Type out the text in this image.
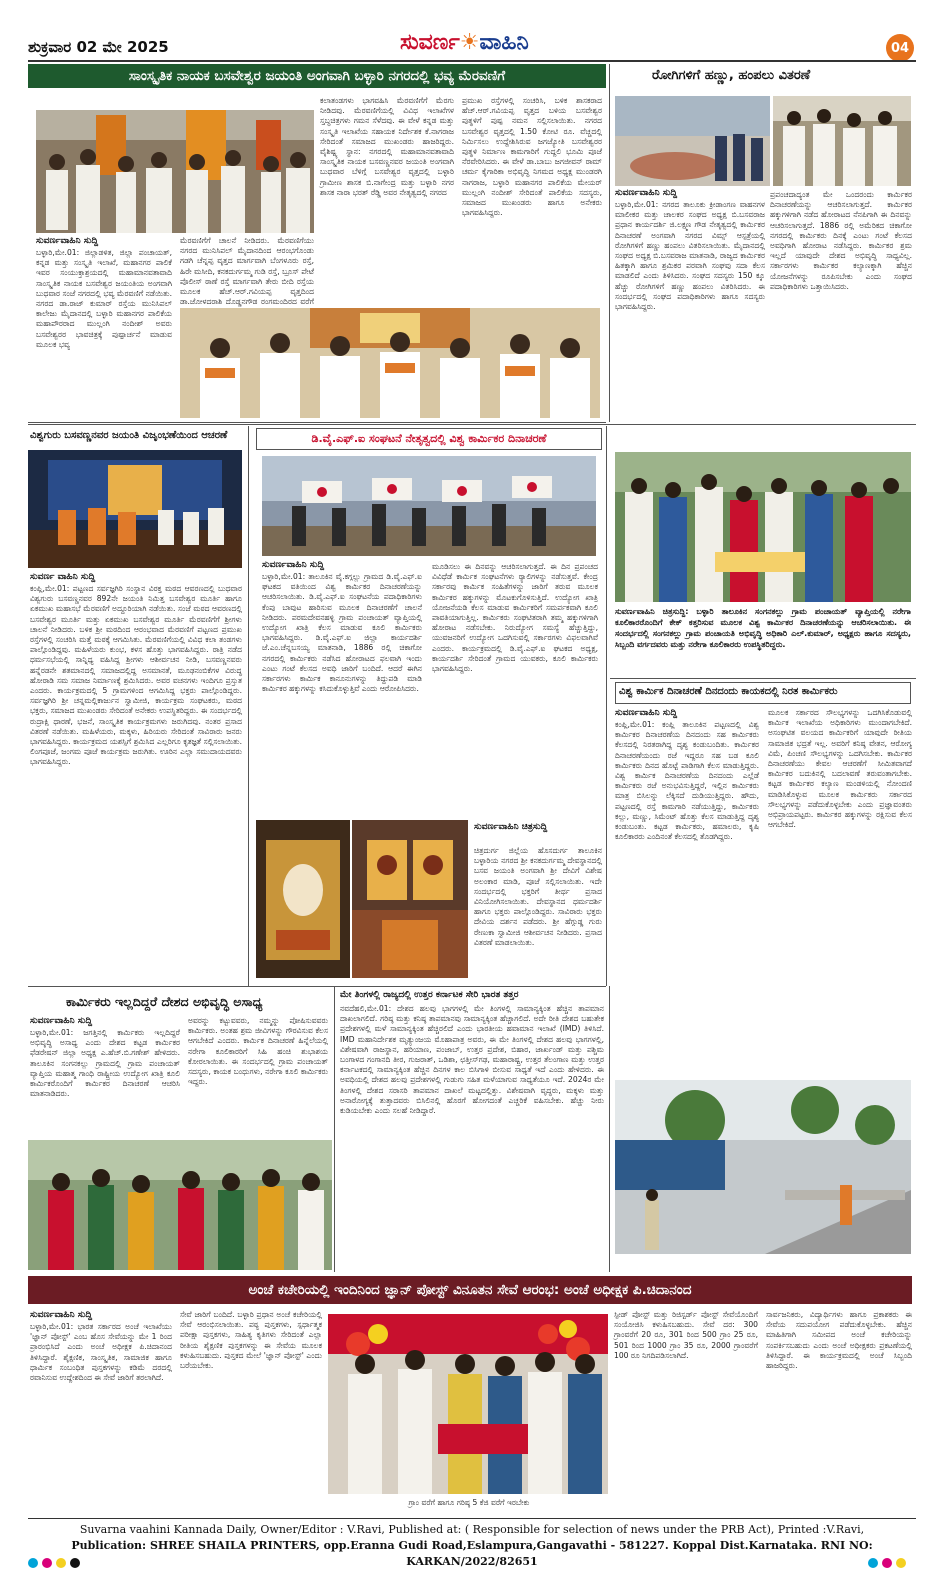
ಶುಕ್ರವಾರ 02 ಮೇ 2025	ಸುವರ್ಣ☀ವಾಹಿನಿ	04
ಸಾಂಸ್ಕೃತಿಕ ನಾಯಕ ಬಸವೇಶ್ವರ ಜಯಂತಿ ಅಂಗವಾಗಿ ಬಳ್ಳಾರಿ ನಗರದಲ್ಲಿ ಭವ್ಯ ಮೆರವಣಿಗೆ
ಸುವರ್ಣವಾಹಿನಿ ಸುದ್ದಿ
ಬಳ್ಳಾರಿ,ಮೇ.01: ಜಿಲ್ಲಾಡಳಿತ, ಜಿಲ್ಲಾ ಪಂಚಾಯತ್, ಕನ್ನಡ ಮತ್ತು ಸಂಸ್ಕೃತಿ ಇಲಾಖೆ, ಮಹಾನಗರ ಪಾಲಿಕೆ ಇವರ ಸಂಯುಕ್ತಾಶ್ರಯದಲ್ಲಿ ಮಹಾಮಾನವತಾವಾದಿ ಸಾಂಸ್ಕೃತಿಕ ನಾಯಕ ಬಸವೇಶ್ವರ ಜಯಂತಿಯ ಅಂಗವಾಗಿ ಬುಧವಾರ ಸಂಜೆ ನಗರದಲ್ಲಿ ಭವ್ಯ ಮೆರವಣಿಗೆ ನಡೆಯಿತು. ನಗರದ ಡಾ.ರಾಜ್ ಕುಮಾರ್ ರಸ್ತೆಯ ಮುನಿಸಿಪಲ್ ಕಾಲೇಜು ಮೈದಾನದಲ್ಲಿ ಬಳ್ಳಾರಿ ಮಹಾನಗರ ಪಾಲಿಕೆಯ ಮಹಾಪೌರರಾದ ಮುಲ್ಲಂಗಿ ನಂದೀಶ್ ಅವರು ಬಸವೇಶ್ವರರ ಭಾವಚಿತ್ರಕ್ಕೆ ಪುಷ್ಪಾರ್ಚನೆ ಮಾಡುವ ಮೂಲಕ ಭವ್ಯ
ಮೆರವಣಿಗೆಗೆ ಚಾಲನೆ ನೀಡಿದರು. ಮೆರವಣಿಗೆಯು ನಗರದ ಮುನಿಸಿಪಲ್ ಮೈದಾನದಿಂದ ಆರಂಭಗೊಂಡು ಗಡಗಿ ಚೆನ್ನಪ್ಪ ವೃತ್ತದ ಮಾರ್ಗವಾಗಿ ಬೆಂಗಳೂರು ರಸ್ತೆ, ಹಿರೇ ಮಸೀದಿ, ಕನಕದುರ್ಗಮ್ಮ ಗುಡಿ ರಸ್ತೆ, ಬ್ರೂಸ್ ಪೇಟೆ ಪೊಲೀಸ್ ಠಾಣೆ ರಸ್ತೆ ಮಾರ್ಗವಾಗಿ ತೇರು ಬೀದಿ ರಸ್ತೆಯ ಮೂಲಕ ಹೆಚ್.ಆರ್.ಗವಿಯಪ್ಪ ವೃತ್ತದಿಂದ ಡಾ.ಜೋಳದರಾಶಿ ದೊಡ್ಡನಗೌಡ ರಂಗಮಂದಿರದ ವರೆಗೆ
ಕಲಾತಂಡಗಳು ಭಾಗವಹಿಸಿ ಮೆರವಣಿಗೆಗೆ ಮೆರಗು ನೀಡಿದವು. ಮೆರವಣಿಗೆಯಲ್ಲಿ ವಿವಿಧ ಇಲಾಖೆಗಳ ಸ್ತಬ್ಧಚಿತ್ರಗಳು ಗಮನ ಸೆಳೆದವು. ಈ ವೇಳೆ ಕನ್ನಡ ಮತ್ತು ಸಂಸ್ಕೃತಿ ಇಲಾಖೆಯ ಸಹಾಯಕ ನಿರ್ದೇಶಕ ಕೆ.ನಾಗರಾಜ ಸೇರಿದಂತೆ ಸಮಾಜದ ಮುಖಂಡರು ಹಾಜರಿದ್ದರು. ವೈಶಿಷ್ಟ್ಯ ಸ್ಥಾನ: ನಗರದಲ್ಲಿ ಮಹಾಮಾನವತಾವಾದಿ ಸಾಂಸ್ಕೃತಿಕ ನಾಯಕ ಬಸವಣ್ಣನವರ ಜಯಂತಿ ಅಂಗವಾಗಿ ಬುಧವಾರ ಬೆಳಿಗ್ಗೆ ಬಸವೇಶ್ವರ ವೃತ್ತದಲ್ಲಿ ಬಳ್ಳಾರಿ ಗ್ರಾಮೀಣ ಶಾಸಕ ಬಿ.ನಾಗೇಂದ್ರ ಮತ್ತು ಬಳ್ಳಾರಿ ನಗರ ಶಾಸಕ ನಾರಾ ಭರತ್ ರೆಡ್ಡಿ ಅವರ ನೇತೃತ್ವದಲ್ಲಿ ನಗರದ
ಪ್ರಮುಖ ರಸ್ತೆಗಳಲ್ಲಿ ಸಂಚರಿಸಿ, ಬಳಿಕ ಶಾಸಕರಾದ ಹೆಚ್.ಆರ್.ಗವಿಯಪ್ಪ ವೃತ್ತದ ಬಳಿಯ ಬಸವೇಶ್ವರ ಪುತ್ಥಳಿಗೆ ಪುಷ್ಪ ನಮನ ಸಲ್ಲಿಸಲಾಯಿತು. ನಗರದ ಬಸವೇಶ್ವರ ವೃತ್ತದಲ್ಲಿ 1.50 ಕೋಟಿ ರೂ. ವೆಚ್ಚದಲ್ಲಿ ನಿರ್ಮಿಸಲು ಉದ್ದೇಶಿಸಿರುವ ಜಗಜ್ಯೋತಿ ಬಸವೇಶ್ವರರ ಪುತ್ಥಳಿ ನಿರ್ಮಾಣ ಕಾಮಗಾರಿಗೆ ಗುದ್ದಲಿ ಭೂಮಿ ಪೂಜೆ ನೆರವೇರಿಸಿದರು. ಈ ವೇಳೆ ಡಾ.ಬಾಬು ಜಗಜೀವನ್ ರಾಮ್ ಚರ್ಮ ಕೈಗಾರಿಕಾ ಅಭಿವೃದ್ಧಿ ನಿಗಮದ ಅಧ್ಯಕ್ಷ ಮುಂಡರಗಿ ನಾಗರಾಜ, ಬಳ್ಳಾರಿ ಮಹಾನಗರ ಪಾಲಿಕೆಯ ಮೇಯರ್ ಮುಲ್ಲಂಗಿ ನಂದೀಶ್ ಸೇರಿದಂತೆ ಪಾಲಿಕೆಯ ಸದಸ್ಯರು, ಸಮಾಜದ ಮುಖಂಡರು ಹಾಗೂ ಅನೇಕರು ಭಾಗವಹಿಸಿದ್ದರು.
ರೋಗಿಗಳಿಗೆ ಹಣ್ಣು, ಹಂಪಲು ವಿತರಣೆ
ಸುವರ್ಣವಾಹಿನಿ ಸುದ್ದಿ
ಬಳ್ಳಾರಿ,ಮೇ.01: ನಗರದ ತಾಲೂಕು ಕ್ರೀಡಾಂಗಣ ವಾಹನಗಳ ಮಾಲೀಕರ ಮತ್ತು ಚಾಲಕರ ಸಂಘದ ಅಧ್ಯಕ್ಷ ಬಿ.ಬಸವರಾಜ ಪ್ರಧಾನ ಕಾರ್ಯದರ್ಶಿ ಜಿ.ಲಕ್ಷ್ಮಣ ಗೌಡ ನೇತೃತ್ವದಲ್ಲಿ ಕಾರ್ಮಿಕರ ದಿನಾಚರಣೆ ಅಂಗವಾಗಿ ನಗರದ ವಿಮ್ಸ್ ಆಸ್ಪತ್ರೆಯಲ್ಲಿ ರೋಗಿಗಳಿಗೆ ಹಣ್ಣು ಹಂಪಲು ವಿತರಿಸಲಾಯಿತು. ಮೈದಾನದಲ್ಲಿ ಸಂಘದ ಅಧ್ಯಕ್ಷ ಬಿ.ಬಸವರಾಜ ಮಾತನಾಡಿ, ರಾಜ್ಯದ ಕಾರ್ಮಿಕರ ಹಿತಕ್ಕಾಗಿ ಹಾಗೂ ಶ್ರಮಿಕರ ಪರವಾಗಿ ಸಂಘವು ಸದಾ ಕೆಲಸ ಮಾಡಲಿದೆ ಎಂದು ತಿಳಿಸಿದರು. ಸಂಘದ ಸದಸ್ಯರು 150 ಕ್ಕೂ ಹೆಚ್ಚು ರೋಗಿಗಳಿಗೆ ಹಣ್ಣು ಹಂಪಲು ವಿತರಿಸಿದರು. ಈ ಸಂದರ್ಭದಲ್ಲಿ ಸಂಘದ ಪದಾಧಿಕಾರಿಗಳು ಹಾಗೂ ಸದಸ್ಯರು ಭಾಗವಹಿಸಿದ್ದರು.
ಪ್ರಪಂಚದಾದ್ಯಂತ ಮೇ ಒಂದರಂದು ಕಾರ್ಮಿಕರ ದಿನಾಚರಣೆಯನ್ನು ಆಚರಿಸಲಾಗುತ್ತದೆ. ಕಾರ್ಮಿಕರ ಹಕ್ಕುಗಳಿಗಾಗಿ ನಡೆದ ಹೋರಾಟದ ನೆನಪಿಗಾಗಿ ಈ ದಿನವನ್ನು ಆಚರಿಸಲಾಗುತ್ತದೆ. 1886 ರಲ್ಲಿ ಅಮೆರಿಕದ ಚಿಕಾಗೋ ನಗರದಲ್ಲಿ ಕಾರ್ಮಿಕರು ದಿನಕ್ಕೆ ಎಂಟು ಗಂಟೆ ಕೆಲಸದ ಅವಧಿಗಾಗಿ ಹೋರಾಟ ನಡೆಸಿದ್ದರು. ಕಾರ್ಮಿಕರ ಶ್ರಮ ಇಲ್ಲದೆ ಯಾವುದೇ ದೇಶದ ಅಭಿವೃದ್ಧಿ ಸಾಧ್ಯವಿಲ್ಲ. ಸರ್ಕಾರಗಳು ಕಾರ್ಮಿಕರ ಕಲ್ಯಾಣಕ್ಕಾಗಿ ಹೆಚ್ಚಿನ ಯೋಜನೆಗಳನ್ನು ರೂಪಿಸಬೇಕು ಎಂದು ಸಂಘದ ಪದಾಧಿಕಾರಿಗಳು ಒತ್ತಾಯಿಸಿದರು.
ವಿಶ್ವಗುರು ಬಸವಣ್ಣನವರ ಜಯಂತಿ ವಿಜೃಂಭಣೆಯಿಂದ ಆಚರಣೆ
ಸುವರ್ಣ ವಾಹಿನಿ ಸುದ್ದಿ
ಕಂಪ್ಲಿ,ಮೇ.01: ಪಟ್ಟಣದ ಸರ್ವಜ್ಞಗಿರಿ ಸಂಸ್ಥಾನ ವಿರಕ್ತ ಮಠದ ಆವರಣದಲ್ಲಿ ಬುಧವಾರ ವಿಶ್ವಗುರು ಬಸವಣ್ಣನವರ 892ನೇ ಜಯಂತಿ ನಿಮಿತ್ತ ಬಸವೇಶ್ವರ ಮೂರ್ತಿ ಹಾಗೂ ಏಕಮುಖ ಮಹಾಸಭೆ ಮೆರವಣಿಗೆ ಅದ್ದೂರಿಯಾಗಿ ನಡೆಯಿತು. ಸಂಜೆ ಮಠದ ಆವರಣದಲ್ಲಿ ಬಸವೇಶ್ವರ ಮೂರ್ತಿ ಮತ್ತು ಏಕಮುಖ ಬಸವೇಶ್ವರ ಮೂರ್ತಿ ಮೆರವಣಿಗೆಗೆ ಶ್ರೀಗಳು ಚಾಲನೆ ನೀಡಿದರು. ಬಳಿಕ ಶ್ರೀ ಮಠದಿಂದ ಆರಂಭವಾದ ಮೆರವಣಿಗೆ ಪಟ್ಟಣದ ಪ್ರಮುಖ ರಸ್ತೆಗಳಲ್ಲಿ ಸಂಚರಿಸಿ ಮತ್ತೆ ಮಠಕ್ಕೆ ಆಗಮಿಸಿತು. ಮೆರವಣಿಗೆಯಲ್ಲಿ ವಿವಿಧ ಕಲಾ ತಂಡಗಳು ಪಾಲ್ಗೊಂಡಿದ್ದವು. ಮಹಿಳೆಯರು ಕುಂಭ, ಕಳಸ ಹೊತ್ತು ಭಾಗವಹಿಸಿದ್ದರು. ರಾತ್ರಿ ನಡೆದ ಧರ್ಮಸಭೆಯಲ್ಲಿ ಸಾನ್ನಿಧ್ಯ ವಹಿಸಿದ್ದ ಶ್ರೀಗಳು ಆಶೀರ್ವಚನ ನೀಡಿ, ಬಸವಣ್ಣನವರು ಹನ್ನೆರಡನೇ ಶತಮಾನದಲ್ಲಿ ಸಮಾಜದಲ್ಲಿದ್ದ ಅಸಮಾನತೆ, ಮೂಢನಂಬಿಕೆಗಳ ವಿರುದ್ಧ ಹೋರಾಡಿ ಸಮ ಸಮಾಜ ನಿರ್ಮಾಣಕ್ಕೆ ಶ್ರಮಿಸಿದರು. ಅವರ ವಚನಗಳು ಇಂದಿಗೂ ಪ್ರಸ್ತುತ ಎಂದರು. ಕಾರ್ಯಕ್ರಮದಲ್ಲಿ 5 ಗ್ರಾಮಗಳಿಂದ ಆಗಮಿಸಿದ್ದ ಭಕ್ತರು ಪಾಲ್ಗೊಂಡಿದ್ದರು. ಸರ್ವಜ್ಞಗಿರಿ ಶ್ರೀ ಚನ್ನಮಲ್ಲಿಕಾರ್ಜುನ ಸ್ವಾಮೀಜಿ, ಕಾರ್ಯಕ್ರಮ ಸಂಘಟಕರು, ಮಠದ ಭಕ್ತರು, ಸಮಾಜದ ಮುಖಂಡರು ಸೇರಿದಂತೆ ಅನೇಕರು ಉಪಸ್ಥಿತರಿದ್ದರು. ಈ ಸಂದರ್ಭದಲ್ಲಿ ರುದ್ರಾಕ್ಷಿ ಧಾರಣೆ, ಭಜನೆ, ಸಾಂಸ್ಕೃತಿಕ ಕಾರ್ಯಕ್ರಮಗಳು ಜರುಗಿದವು. ನಂತರ ಪ್ರಸಾದ ವಿತರಣೆ ನಡೆಯಿತು. ಮಹಿಳೆಯರು, ಮಕ್ಕಳು, ಹಿರಿಯರು ಸೇರಿದಂತೆ ಸಾವಿರಾರು ಜನರು ಭಾಗವಹಿಸಿದ್ದರು. ಕಾರ್ಯಕ್ರಮದ ಯಶಸ್ಸಿಗೆ ಶ್ರಮಿಸಿದ ಎಲ್ಲರಿಗೂ ಕೃತಜ್ಞತೆ ಸಲ್ಲಿಸಲಾಯಿತು. ಲಿಂಗಪೂಜೆ, ಜಂಗಮ ಪೂಜೆ ಕಾರ್ಯಕ್ರಮ ಜರುಗಿತು. ಊರಿನ ಎಲ್ಲಾ ಸಮುದಾಯದವರು ಭಾಗವಹಿಸಿದ್ದರು.
ಡಿ.ವೈ.ಎಫ್.ಐ ಸಂಘಟನೆ ನೇತೃತ್ವದಲ್ಲಿ ವಿಶ್ವ ಕಾರ್ಮಿಕರ ದಿನಾಚರಣೆ
ಸುವರ್ಣವಾಹಿನಿ ಸುದ್ದಿ
ಬಳ್ಳಾರಿ,ಮೇ.01: ತಾಲೂಕಿನ ವೈ.ಕಗ್ಗಲ್ಲು ಗ್ರಾಮದ ಡಿ.ವೈ.ಎಫ್.ಐ ಘಟಕದ ವತಿಯಿಂದ ವಿಶ್ವ ಕಾರ್ಮಿಕರ ದಿನಾಚರಣೆಯನ್ನು ಆಚರಿಸಲಾಯಿತು. ಡಿ.ವೈ.ಎಫ್.ಐ ಸಂಘಟನೆಯ ಪದಾಧಿಕಾರಿಗಳು ಕೆಂಪು ಬಾವುಟ ಹಾರಿಸುವ ಮೂಲಕ ದಿನಾಚರಣೆಗೆ ಚಾಲನೆ ನೀಡಿದರು. ಪರಮದೇವನಹಳ್ಳಿ ಗ್ರಾಮ ಪಂಚಾಯತ್ ವ್ಯಾಪ್ತಿಯಲ್ಲಿ ಉದ್ಯೋಗ ಖಾತ್ರಿ ಕೆಲಸ ಮಾಡುವ ಕೂಲಿ ಕಾರ್ಮಿಕರು ಭಾಗವಹಿಸಿದ್ದರು. ಡಿ.ವೈ.ಎಫ್.ಐ ಜಿಲ್ಲಾ ಕಾರ್ಯದರ್ಶಿ ಜೆ.ಎಂ.ಚೆನ್ನಬಸಯ್ಯ ಮಾತನಾಡಿ, 1886 ರಲ್ಲಿ ಚಿಕಾಗೋ ನಗರದಲ್ಲಿ ಕಾರ್ಮಿಕರು ನಡೆಸಿದ ಹೋರಾಟದ ಫಲವಾಗಿ ಇಂದು ಎಂಟು ಗಂಟೆ ಕೆಲಸದ ಅವಧಿ ಜಾರಿಗೆ ಬಂದಿದೆ. ಆದರೆ ಈಗಿನ ಸರ್ಕಾರಗಳು ಕಾರ್ಮಿಕ ಕಾನೂನುಗಳನ್ನು ತಿದ್ದುಪಡಿ ಮಾಡಿ ಕಾರ್ಮಿಕರ ಹಕ್ಕುಗಳನ್ನು ಕಸಿದುಕೊಳ್ಳುತ್ತಿವೆ ಎಂದು ಆರೋಪಿಸಿದರು.
ಮೂಡಿಸಲು ಈ ದಿನವನ್ನು ಆಚರಿಸಲಾಗುತ್ತದೆ. ಈ ದಿನ ಪ್ರಪಂಚದ ವಿವಿಧೆಡೆ ಕಾರ್ಮಿಕ ಸಂಘಟನೆಗಳು ರ್‍ಯಾಲಿಗಳನ್ನು ನಡೆಸುತ್ತವೆ. ಕೇಂದ್ರ ಸರ್ಕಾರವು ಕಾರ್ಮಿಕ ಸಂಹಿತೆಗಳನ್ನು ಜಾರಿಗೆ ತರುವ ಮೂಲಕ ಕಾರ್ಮಿಕರ ಹಕ್ಕುಗಳನ್ನು ಮೊಟಕುಗೊಳಿಸುತ್ತಿದೆ. ಉದ್ಯೋಗ ಖಾತ್ರಿ ಯೋಜನೆಯಡಿ ಕೆಲಸ ಮಾಡುವ ಕಾರ್ಮಿಕರಿಗೆ ಸಮರ್ಪಕವಾಗಿ ಕೂಲಿ ಪಾವತಿಯಾಗುತ್ತಿಲ್ಲ. ಕಾರ್ಮಿಕರು ಸಂಘಟಿತರಾಗಿ ತಮ್ಮ ಹಕ್ಕುಗಳಿಗಾಗಿ ಹೋರಾಟ ನಡೆಸಬೇಕು. ನಿರುದ್ಯೋಗ ಸಮಸ್ಯೆ ಹೆಚ್ಚುತ್ತಿದ್ದು, ಯುವಜನರಿಗೆ ಉದ್ಯೋಗ ಒದಗಿಸುವಲ್ಲಿ ಸರ್ಕಾರಗಳು ವಿಫಲವಾಗಿವೆ ಎಂದರು. ಕಾರ್ಯಕ್ರಮದಲ್ಲಿ ಡಿ.ವೈ.ಎಫ್.ಐ ಘಟಕದ ಅಧ್ಯಕ್ಷ, ಕಾರ್ಯದರ್ಶಿ ಸೇರಿದಂತೆ ಗ್ರಾಮದ ಯುವಕರು, ಕೂಲಿ ಕಾರ್ಮಿಕರು ಭಾಗವಹಿಸಿದ್ದರು.
ಸುವರ್ಣವಾಹಿನಿ ಚಿತ್ರಸುದ್ದಿ
ಚಿತ್ರದುರ್ಗ ಜಿಲ್ಲೆಯ ಹೊಸದುರ್ಗ ತಾಲೂಕಿನ ಬಳ್ಳಾರಿಯ ನಗರದ ಶ್ರೀ ಕನಕದುರ್ಗಮ್ಮ ದೇವಸ್ಥಾನದಲ್ಲಿ ಬಸವ ಜಯಂತಿ ಅಂಗವಾಗಿ ಶ್ರೀ ದೇವಿಗೆ ವಿಶೇಷ ಅಲಂಕಾರ ಮಾಡಿ, ಪೂಜೆ ಸಲ್ಲಿಸಲಾಯಿತು. ಇದೇ ಸಂದರ್ಭದಲ್ಲಿ ಭಕ್ತರಿಗೆ ತೀರ್ಥ ಪ್ರಸಾದ ವಿನಿಯೋಗಿಸಲಾಯಿತು. ದೇವಸ್ಥಾನದ ಧರ್ಮದರ್ಶಿ ಹಾಗೂ ಭಕ್ತರು ಪಾಲ್ಗೊಂಡಿದ್ದರು. ಸಾವಿರಾರು ಭಕ್ತರು ದೇವಿಯ ದರ್ಶನ ಪಡೆದರು. ಶ್ರೀ ಹೆಗ್ಗುಡ್ಡ ಗುರು ರೇಣುಕಾ ಸ್ವಾಮೀಜಿ ಆಶೀರ್ವಚನ ನೀಡಿದರು. ಪ್ರಸಾದ ವಿತರಣೆ ಮಾಡಲಾಯಿತು.
ಸುವರ್ಣವಾಹಿನಿ ಚಿತ್ರಸುದ್ದಿ: ಬಳ್ಳಾರಿ ತಾಲೂಕಿನ ಸಂಗನಕಲ್ಲು ಗ್ರಾಮ ಪಂಚಾಯತ್ ವ್ಯಾಪ್ತಿಯಲ್ಲಿ ನರೇಗಾ ಕೂಲಿಕಾರರೊಂದಿಗೆ ಕೇಕ್ ಕತ್ತರಿಸುವ ಮೂಲಕ ವಿಶ್ವ ಕಾರ್ಮಿಕರ ದಿನಾಚರಣೆಯನ್ನು ಆಚರಿಸಲಾಯಿತು. ಈ ಸಂದರ್ಭದಲ್ಲಿ ಸಂಗನಕಲ್ಲು ಗ್ರಾಮ ಪಂಚಾಯತಿ ಅಭಿವೃದ್ಧಿ ಅಧಿಕಾರಿ ಎಲ್.ಕುಮಾರ್, ಅಧ್ಯಕ್ಷರು ಹಾಗೂ ಸದಸ್ಯರು, ಸಿಬ್ಬಂದಿ ವರ್ಗದವರು ಮತ್ತು ನರೇಗಾ ಕೂಲಿಕಾರರು ಉಪಸ್ಥಿತರಿದ್ದರು.
ವಿಶ್ವ ಕಾರ್ಮಿಕ ದಿನಾಚರಣೆ ದಿನದಂದು ಕಾಯಕದಲ್ಲಿ ನಿರತ ಕಾರ್ಮಿಕರು
ಸುವರ್ಣವಾಹಿನಿ ಸುದ್ದಿ
ಕಂಪ್ಲಿ,ಮೇ.01: ಕಂಪ್ಲಿ ತಾಲೂಕಿನ ಪಟ್ಟಣದಲ್ಲಿ ವಿಶ್ವ ಕಾರ್ಮಿಕರ ದಿನಾಚರಣೆಯ ದಿನದಂದು ಸಹ ಕಾರ್ಮಿಕರು ಕೆಲಸದಲ್ಲಿ ನಿರತರಾಗಿದ್ದ ದೃಶ್ಯ ಕಂಡುಬಂದಿತು. ಕಾರ್ಮಿಕರ ದಿನಾಚರಣೆಯಂದು ರಜೆ ಇದ್ದರೂ ಸಹ ಬಡ ಕೂಲಿ ಕಾರ್ಮಿಕರು ದಿನದ ಹೊಟ್ಟೆ ಪಾಡಿಗಾಗಿ ಕೆಲಸ ಮಾಡುತ್ತಿದ್ದರು. ವಿಶ್ವ ಕಾರ್ಮಿಕ ದಿನಾಚರಣೆಯ ದಿನದಂದು ಎಲ್ಲೆಡೆ ಕಾರ್ಮಿಕರು ರಜೆ ಅನುಭವಿಸುತ್ತಿದ್ದರೆ, ಇಲ್ಲಿನ ಕಾರ್ಮಿಕರು ಮಾತ್ರ ಬಿಸಿಲನ್ನು ಲೆಕ್ಕಿಸದೆ ದುಡಿಯುತ್ತಿದ್ದರು. ಹೌದು, ಪಟ್ಟಣದಲ್ಲಿ ರಸ್ತೆ ಕಾಮಗಾರಿ ನಡೆಯುತ್ತಿದ್ದು, ಕಾರ್ಮಿಕರು ಕಲ್ಲು, ಮಣ್ಣು, ಸಿಮೆಂಟ್ ಹೊತ್ತು ಕೆಲಸ ಮಾಡುತ್ತಿದ್ದ ದೃಶ್ಯ ಕಂಡುಬಂತು. ಕಟ್ಟಡ ಕಾರ್ಮಿಕರು, ಹಮಾಲರು, ಕೃಷಿ ಕೂಲಿಕಾರರು ಎಂದಿನಂತೆ ಕೆಲಸದಲ್ಲಿ ತೊಡಗಿದ್ದರು.
ಮೂಲಕ ಸರ್ಕಾರದ ಸೌಲಭ್ಯಗಳನ್ನು ಒದಗಿಸಿಕೊಡುವಲ್ಲಿ ಕಾರ್ಮಿಕ ಇಲಾಖೆಯ ಅಧಿಕಾರಿಗಳು ಮುಂದಾಗಬೇಕಿದೆ. ಅಸಂಘಟಿತ ವಲಯದ ಕಾರ್ಮಿಕರಿಗೆ ಯಾವುದೇ ರೀತಿಯ ಸಾಮಾಜಿಕ ಭದ್ರತೆ ಇಲ್ಲ. ಅವರಿಗೆ ಕನಿಷ್ಠ ವೇತನ, ಆರೋಗ್ಯ ವಿಮೆ, ಪಿಂಚಣಿ ಸೌಲಭ್ಯಗಳನ್ನು ಒದಗಿಸಬೇಕು. ಕಾರ್ಮಿಕರ ದಿನಾಚರಣೆಯು ಕೇವಲ ಆಚರಣೆಗೆ ಸೀಮಿತವಾಗದೆ ಕಾರ್ಮಿಕರ ಬದುಕಿನಲ್ಲಿ ಬದಲಾವಣೆ ತರುವಂತಾಗಬೇಕು. ಕಟ್ಟಡ ಕಾರ್ಮಿಕರ ಕಲ್ಯಾಣ ಮಂಡಳಿಯಲ್ಲಿ ನೋಂದಣಿ ಮಾಡಿಸಿಕೊಳ್ಳುವ ಮೂಲಕ ಕಾರ್ಮಿಕರು ಸರ್ಕಾರದ ಸೌಲಭ್ಯಗಳನ್ನು ಪಡೆದುಕೊಳ್ಳಬೇಕು ಎಂದು ಪ್ರಜ್ಞಾವಂತರು ಅಭಿಪ್ರಾಯಪಟ್ಟರು. ಕಾರ್ಮಿಕರ ಹಕ್ಕುಗಳನ್ನು ರಕ್ಷಿಸುವ ಕೆಲಸ ಆಗಬೇಕಿದೆ.
ಕಾರ್ಮಿಕರು ಇಲ್ಲದಿದ್ದರೆ ದೇಶದ ಅಭಿವೃದ್ಧಿ ಅಸಾಧ್ಯ
ಸುವರ್ಣವಾಹಿನಿ ಸುದ್ದಿ
ಬಳ್ಳಾರಿ,ಮೇ.01: ಜಗತ್ತಿನಲ್ಲಿ ಕಾರ್ಮಿಕರು ಇಲ್ಲದಿದ್ದರೆ ಅಭಿವೃದ್ಧಿ ಅಸಾಧ್ಯ ಎಂದು ದೇಶದ ಕಟ್ಟಡ ಕಾರ್ಮಿಕರ ಫೆಡರೇಷನ್ ಜಿಲ್ಲಾ ಅಧ್ಯಕ್ಷ ಎ.ಹೆಚ್.ಬಿ.ಗಣೇಶ್ ಹೇಳಿದರು. ತಾಲೂಕಿನ ಸಂಗನಕಲ್ಲು ಗ್ರಾಮದಲ್ಲಿ ಗ್ರಾಮ ಪಂಚಾಯತ್ ವ್ಯಾಪ್ತಿಯ ಮಹಾತ್ಮ ಗಾಂಧಿ ರಾಷ್ಟ್ರೀಯ ಉದ್ಯೋಗ ಖಾತ್ರಿ ಕೂಲಿ ಕಾರ್ಮಿಕರೊಂದಿಗೆ ಕಾರ್ಮಿಕರ ದಿನಾಚರಣೆ ಆಚರಿಸಿ ಮಾತನಾಡಿದರು.
ಅವರನ್ನು ಕಟ್ಟುವವರು, ನಮ್ಮನ್ನು ಪೋಷಿಸುವವರು ಕಾರ್ಮಿಕರು. ಅಂತಹ ಶ್ರಮ ಜೀವಿಗಳನ್ನು ಗೌರವಿಸುವ ಕೆಲಸ ಆಗಬೇಕಿದೆ ಎಂದರು. ಕಾರ್ಮಿಕ ದಿನಾಚರಣೆ ಹಿನ್ನೆಲೆಯಲ್ಲಿ ನರೇಗಾ ಕೂಲಿಕಾರರಿಗೆ ಸಿಹಿ ಹಂಚಿ ಶುಭಾಶಯ ಕೋರಲಾಯಿತು. ಈ ಸಂದರ್ಭದಲ್ಲಿ ಗ್ರಾಮ ಪಂಚಾಯತ್ ಸದಸ್ಯರು, ಕಾಯಕ ಬಂಧುಗಳು, ನರೇಗಾ ಕೂಲಿ ಕಾರ್ಮಿಕರು ಇದ್ದರು.
ಮೇ ತಿಂಗಳಲ್ಲಿ ರಾಜ್ಯದಲ್ಲಿ ಉತ್ತರ ಕರ್ನಾಟಕ ಸೇರಿ ಭಾರತ ತತ್ತರ
ನವದೆಹಲಿ,ಮೇ.01: ದೇಶದ ಹಲವು ಭಾಗಗಳಲ್ಲಿ ಮೇ ತಿಂಗಳಲ್ಲಿ ಸಾಮಾನ್ಯಕ್ಕಿಂತ ಹೆಚ್ಚಿನ ತಾಪಮಾನ ದಾಖಲಾಗಲಿದೆ. ಗರಿಷ್ಠ ಮತ್ತು ಕನಿಷ್ಠ ತಾಪಮಾನವು ಸಾಮಾನ್ಯಕ್ಕಿಂತ ಹೆಚ್ಚಾಗಲಿದೆ. ಅದೇ ರೀತಿ ದೇಶದ ಬಹುತೇಕ ಪ್ರದೇಶಗಳಲ್ಲಿ ಮಳೆ ಸಾಮಾನ್ಯಕ್ಕಿಂತ ಹೆಚ್ಚಿರಲಿದೆ ಎಂದು ಭಾರತೀಯ ಹವಾಮಾನ ಇಲಾಖೆ (IMD) ತಿಳಿಸಿದೆ. IMD ಮಹಾನಿರ್ದೇಶಕ ಮೃತ್ಯುಂಜಯ ಮೊಹಾಪಾತ್ರ ಅವರು, ಈ ಮೇ ತಿಂಗಳಲ್ಲಿ ದೇಶದ ಹಲವು ಭಾಗಗಳಲ್ಲಿ, ವಿಶೇಷವಾಗಿ ರಾಜಸ್ಥಾನ, ಹರಿಯಾಣ, ಪಂಜಾಬ್, ಉತ್ತರ ಪ್ರದೇಶ, ಬಿಹಾರ, ಜಾರ್ಖಂಡ್ ಮತ್ತು ಪಶ್ಚಿಮ ಬಂಗಾಳದ ಗಂಗಾನದಿ ತೀರ, ಗುಜರಾತ್, ಒಡಿಶಾ, ಛತ್ತೀಸ್‌ಗಢ, ಮಹಾರಾಷ್ಟ್ರ, ಉತ್ತರ ತೆಲಂಗಾಣ ಮತ್ತು ಉತ್ತರ ಕರ್ನಾಟಕದಲ್ಲಿ ಸಾಮಾನ್ಯಕ್ಕಿಂತ ಹೆಚ್ಚಿನ ದಿನಗಳ ಕಾಲ ಬಿಸಿಗಾಳಿ ಬೀಸುವ ಸಾಧ್ಯತೆ ಇದೆ ಎಂದು ಹೇಳಿದರು. ಈ ಅವಧಿಯಲ್ಲಿ ದೇಶದ ಹಲವು ಪ್ರದೇಶಗಳಲ್ಲಿ ಗುಡುಗು ಸಹಿತ ಮಳೆಯಾಗುವ ಸಾಧ್ಯತೆಯೂ ಇದೆ. 2024ರ ಮೇ ತಿಂಗಳಲ್ಲಿ ದೇಶದ ಸರಾಸರಿ ತಾಪಮಾನ ದಾಖಲೆ ಮಟ್ಟದಲ್ಲಿತ್ತು. ವಿಶೇಷವಾಗಿ ವೃದ್ಧರು, ಮಕ್ಕಳು ಮತ್ತು ಅನಾರೋಗ್ಯಕ್ಕೆ ತುತ್ತಾದವರು ಬಿಸಿಲಿನಲ್ಲಿ ಹೊರಗೆ ಹೋಗದಂತೆ ಎಚ್ಚರಿಕೆ ವಹಿಸಬೇಕು. ಹೆಚ್ಚು ನೀರು ಕುಡಿಯಬೇಕು ಎಂದು ಸಲಹೆ ನೀಡಿದ್ದಾರೆ.
ಅಂಚೆ ಕಚೇರಿಯಲ್ಲಿ ಇಂದಿನಿಂದ ಜ್ಞಾನ್ ಪೋಸ್ಟ್ ವಿನೂತನ ಸೇವೆ ಆರಂಭ: ಅಂಚೆ ಅಧೀಕ್ಷಕ ಪಿ.ಚಿದಾನಂದ
ಸುವರ್ಣವಾಹಿನಿ ಸುದ್ದಿ
ಬಳ್ಳಾರಿ,ಮೇ.01: ಭಾರತ ಸರ್ಕಾರದ ಅಂಚೆ ಇಲಾಖೆಯು 'ಜ್ಞಾನ್ ಪೋಸ್ಟ್' ಎಂಬ ಹೊಸ ಸೇವೆಯನ್ನು ಮೇ 1 ರಿಂದ ಪ್ರಾರಂಭಿಸಿದೆ ಎಂದು ಅಂಚೆ ಅಧೀಕ್ಷಕ ಪಿ.ಚಿದಾನಂದ ತಿಳಿಸಿದ್ದಾರೆ. ಶೈಕ್ಷಣಿಕ, ಸಾಂಸ್ಕೃತಿಕ, ಸಾಮಾಜಿಕ ಹಾಗೂ ಧಾರ್ಮಿಕ ಸಂಬಂಧಿತ ಪುಸ್ತಕಗಳನ್ನು ಕಡಿಮೆ ದರದಲ್ಲಿ ರವಾನಿಸುವ ಉದ್ದೇಶದಿಂದ ಈ ಸೇವೆ ಜಾರಿಗೆ ತರಲಾಗಿದೆ.
ಸೇವೆ ಜಾರಿಗೆ ಬಂದಿದೆ. ಬಳ್ಳಾರಿ ಪ್ರಧಾನ ಅಂಚೆ ಕಚೇರಿಯಲ್ಲಿ ಸೇವೆ ಆರಂಭಿಸಲಾಯಿತು. ಪಠ್ಯ ಪುಸ್ತಕಗಳು, ಸ್ಪರ್ಧಾತ್ಮಕ ಪರೀಕ್ಷಾ ಪುಸ್ತಕಗಳು, ಸಾಹಿತ್ಯ ಕೃತಿಗಳು ಸೇರಿದಂತೆ ಎಲ್ಲಾ ರೀತಿಯ ಶೈಕ್ಷಣಿಕ ಪುಸ್ತಕಗಳನ್ನು ಈ ಸೇವೆಯ ಮೂಲಕ ಕಳುಹಿಸಬಹುದು. ಪುಸ್ತಕದ ಮೇಲೆ 'ಜ್ಞಾನ್ ಪೋಸ್ಟ್' ಎಂದು ಬರೆಯಬೇಕು.
ಗ್ರಾಂ ವರೆಗೆ ಹಾಗೂ ಗರಿಷ್ಠ 5 ಕೆಜಿ ವರೆಗೆ ಇರಬೇಕು
ಸ್ಪೀಡ್ ಪೋಸ್ಟ್ ಮತ್ತು ರಿಜಿಸ್ಟರ್ಡ್ ಪೋಸ್ಟ್ ಸೇವೆಯೊಂದಿಗೆ ಸಂಯೋಜಿಸಿ ಕಳುಹಿಸಬಹುದು. ಸೇವೆ ದರ: 300 ಗ್ರಾಂವರೆಗೆ 20 ರೂ, 301 ರಿಂದ 500 ಗ್ರಾಂ 25 ರೂ, 501 ರಿಂದ 1000 ಗ್ರಾಂ 35 ರೂ, 2000 ಗ್ರಾಂವರೆಗೆ 100 ರೂ ನಿಗದಿಪಡಿಸಲಾಗಿದೆ.
ಸಾರ್ವಜನಿಕರು, ವಿದ್ಯಾರ್ಥಿಗಳು ಹಾಗೂ ಪ್ರಕಾಶಕರು ಈ ಸೇವೆಯ ಸದುಪಯೋಗ ಪಡೆದುಕೊಳ್ಳಬೇಕು. ಹೆಚ್ಚಿನ ಮಾಹಿತಿಗಾಗಿ ಸಮೀಪದ ಅಂಚೆ ಕಚೇರಿಯನ್ನು ಸಂಪರ್ಕಿಸಬಹುದು ಎಂದು ಅಂಚೆ ಅಧೀಕ್ಷಕರು ಪ್ರಕಟಣೆಯಲ್ಲಿ ತಿಳಿಸಿದ್ದಾರೆ. ಈ ಕಾರ್ಯಕ್ರಮದಲ್ಲಿ ಅಂಚೆ ಸಿಬ್ಬಂದಿ ಹಾಜರಿದ್ದರು.
Suvarna vaahini Kannada Daily, Owner/Editor : V.Ravi, Published at: ( Responsible for selection of news under the PRB Act), Printed :V.Ravi,
Publication: SHREE SHAILA PRINTERS, opp.Eranna Gudi Road,Eslampura,Gangavathi - 581227. Koppal Dist.Karnataka. RNI NO: KARKAN/2022/82651
